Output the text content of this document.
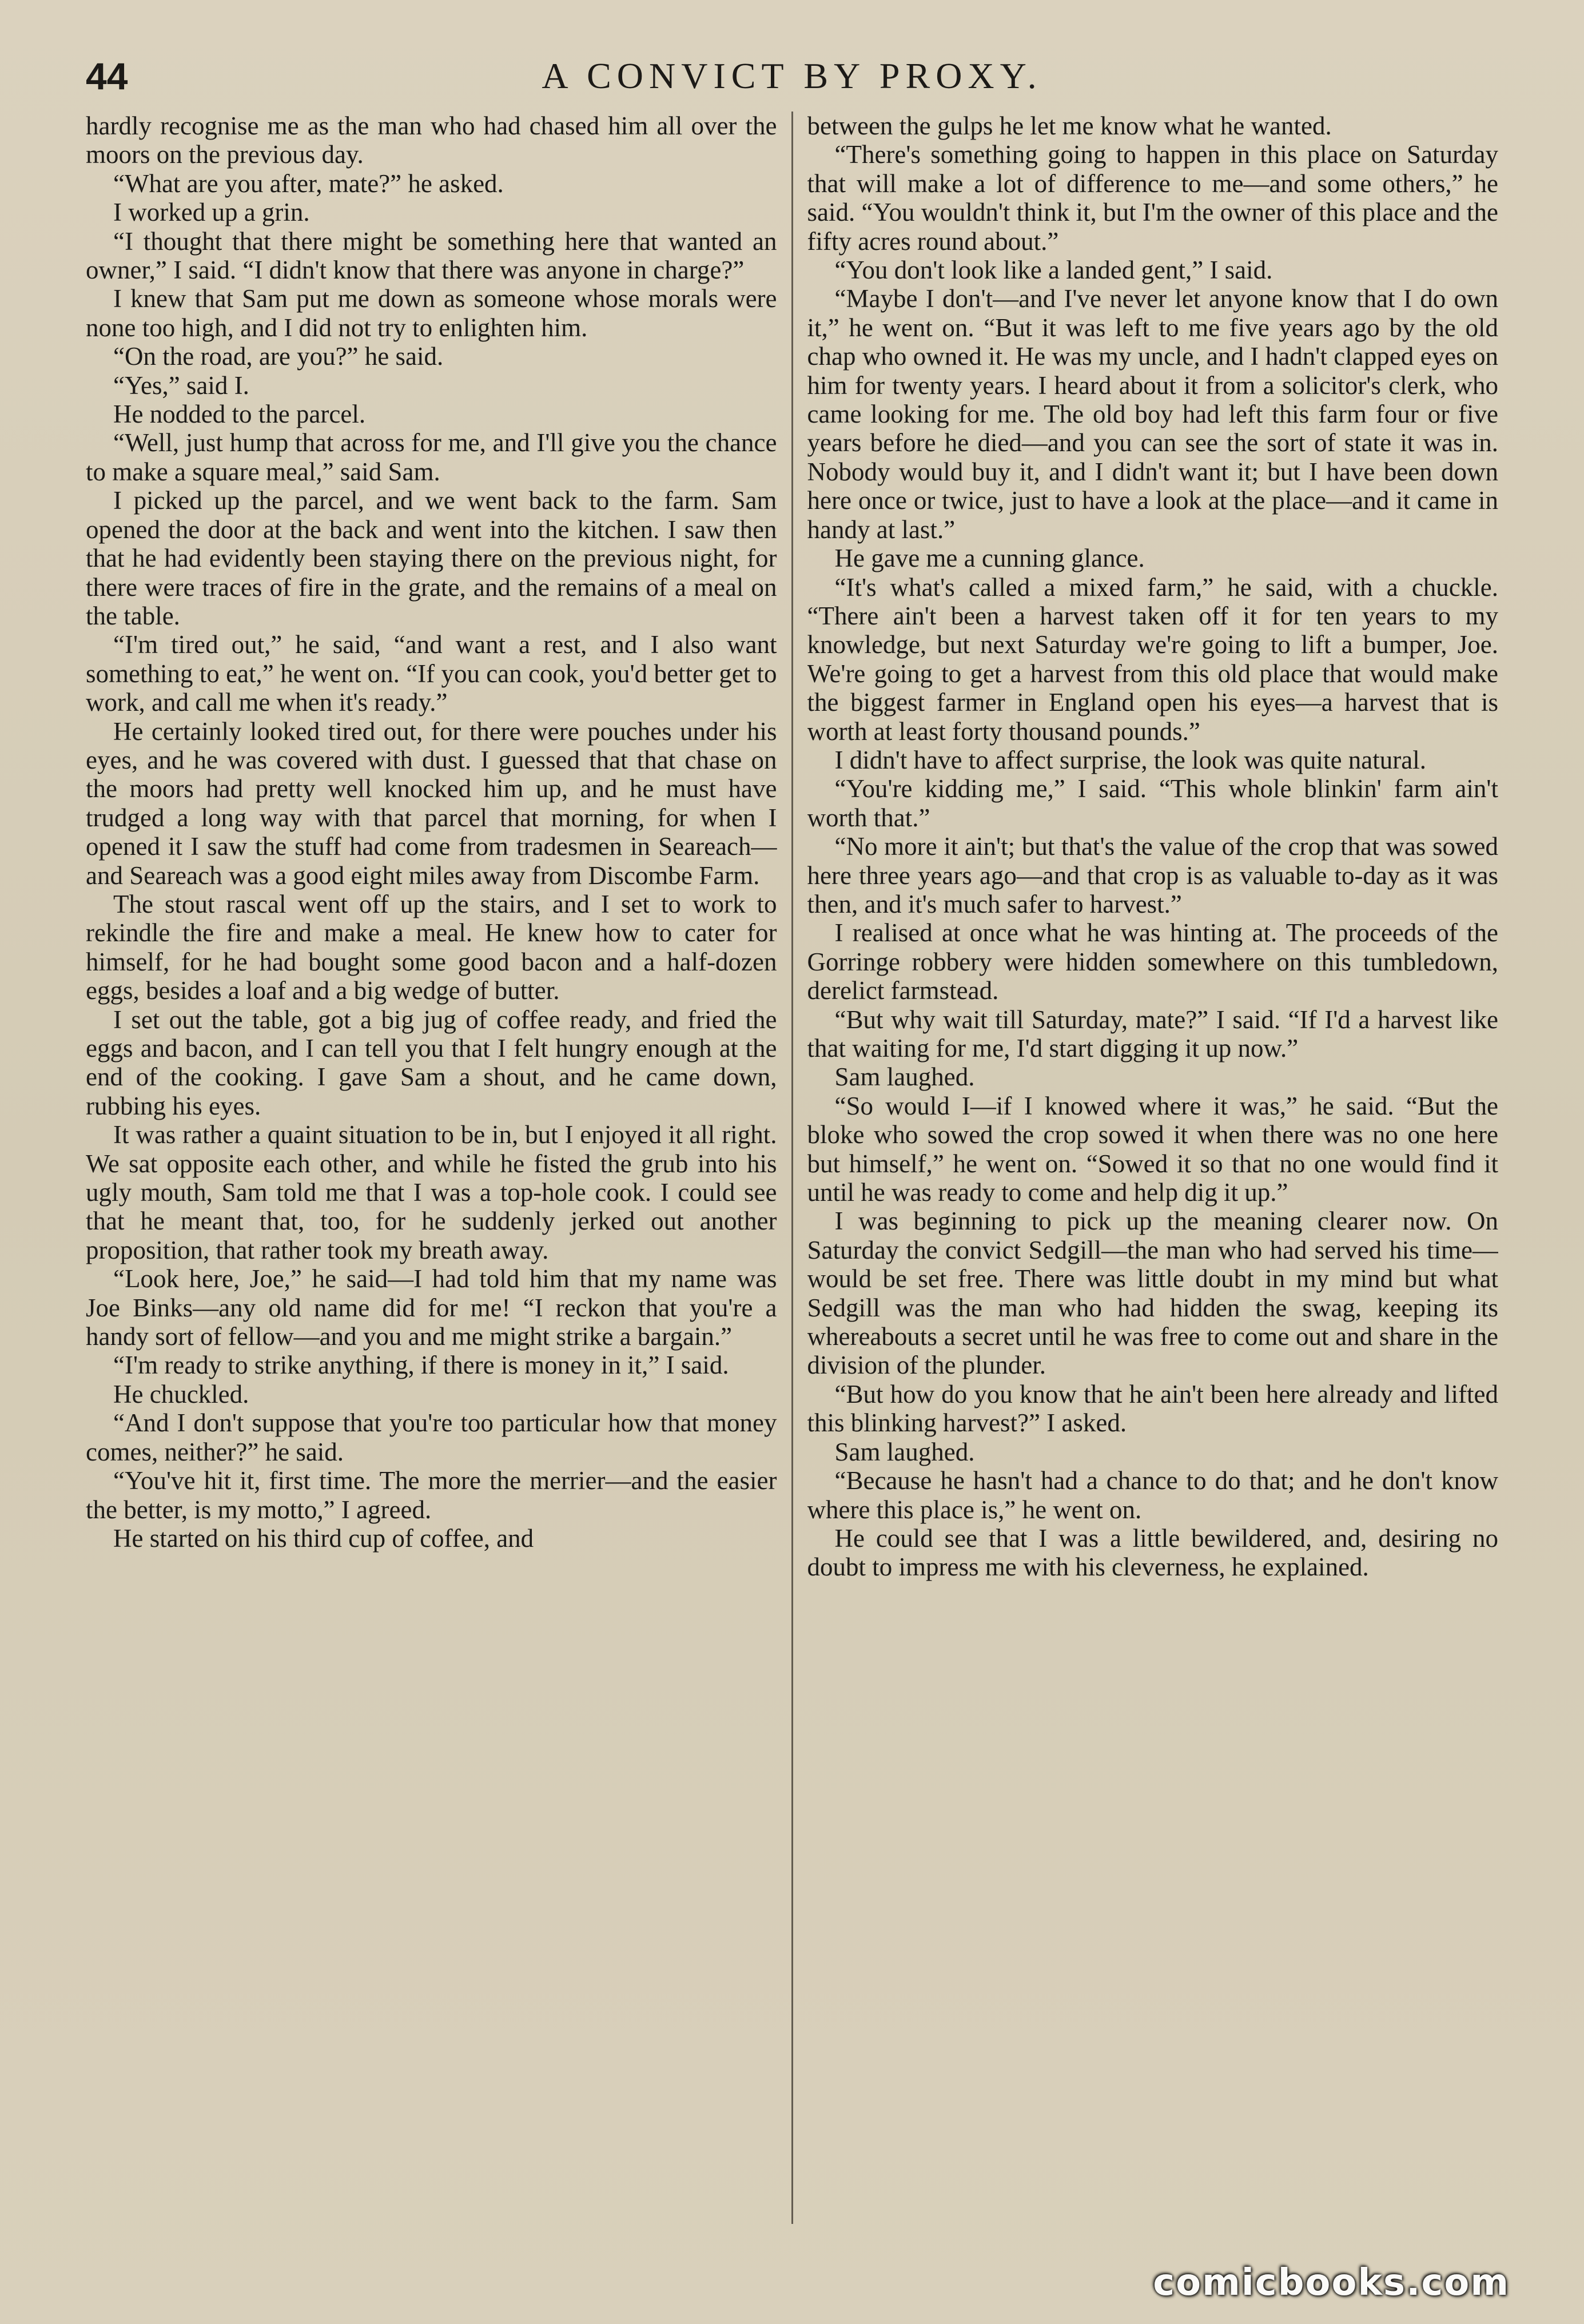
44	A CONVICT BY PROXY.

hardly recognise me as the man who had chased him all over the moors on the previous day.

“What are you after, mate?” he asked.

I worked up a grin.

“I thought that there might be something here that wanted an owner,” I said. “I didn't know that there was anyone in charge?”

I knew that Sam put me down as someone whose morals were none too high, and I did not try to enlighten him.

“On the road, are you?” he said.

“Yes,” said I.

He nodded to the parcel.

“Well, just hump that across for me, and I'll give you the chance to make a square meal,” said Sam.

I picked up the parcel, and we went back to the farm. Sam opened the door at the back and went into the kitchen. I saw then that he had evidently been staying there on the previous night, for there were traces of fire in the grate, and the remains of a meal on the table.

“I'm tired out,” he said, “and want a rest, and I also want something to eat,” he went on. “If you can cook, you'd better get to work, and call me when it's ready.”

He certainly looked tired out, for there were pouches under his eyes, and he was covered with dust. I guessed that that chase on the moors had pretty well knocked him up, and he must have trudged a long way with that parcel that morning, for when I opened it I saw the stuff had come from tradesmen in Seareach—and Seareach was a good eight miles away from Discombe Farm.

The stout rascal went off up the stairs, and I set to work to rekindle the fire and make a meal. He knew how to cater for himself, for he had bought some good bacon and a half-dozen eggs, besides a loaf and a big wedge of butter.

I set out the table, got a big jug of coffee ready, and fried the eggs and bacon, and I can tell you that I felt hungry enough at the end of the cooking. I gave Sam a shout, and he came down, rubbing his eyes.

It was rather a quaint situation to be in, but I enjoyed it all right. We sat opposite each other, and while he fisted the grub into his ugly mouth, Sam told me that I was a top-hole cook. I could see that he meant that, too, for he suddenly jerked out another proposition, that rather took my breath away.

“Look here, Joe,” he said—I had told him that my name was Joe Binks—any old name did for me! “I reckon that you're a handy sort of fellow—and you and me might strike a bargain.”

“I'm ready to strike anything, if there is money in it,” I said.

He chuckled.

“And I don't suppose that you're too particular how that money comes, neither?” he said.

“You've hit it, first time. The more the merrier—and the easier the better, is my motto,” I agreed.

He started on his third cup of coffee, and

between the gulps he let me know what he wanted.

“There's something going to happen in this place on Saturday that will make a lot of difference to me—and some others,” he said. “You wouldn't think it, but I'm the owner of this place and the fifty acres round about.”

“You don't look like a landed gent,” I said.

“Maybe I don't—and I've never let anyone know that I do own it,” he went on. “But it was left to me five years ago by the old chap who owned it. He was my uncle, and I hadn't clapped eyes on him for twenty years. I heard about it from a solicitor's clerk, who came looking for me. The old boy had left this farm four or five years before he died—and you can see the sort of state it was in. Nobody would buy it, and I didn't want it; but I have been down here once or twice, just to have a look at the place—and it came in handy at last.”

He gave me a cunning glance.

“It's what's called a mixed farm,” he said, with a chuckle. “There ain't been a harvest taken off it for ten years to my knowledge, but next Saturday we're going to lift a bumper, Joe. We're going to get a harvest from this old place that would make the biggest farmer in England open his eyes—a harvest that is worth at least forty thousand pounds.”

I didn't have to affect surprise, the look was quite natural.

“You're kidding me,” I said. “This whole blinkin' farm ain't worth that.”

“No more it ain't; but that's the value of the crop that was sowed here three years ago—and that crop is as valuable to-day as it was then, and it's much safer to harvest.”

I realised at once what he was hinting at. The proceeds of the Gorringe robbery were hidden somewhere on this tumbledown, derelict farmstead.

“But why wait till Saturday, mate?” I said. “If I'd a harvest like that waiting for me, I'd start digging it up now.”

Sam laughed.

“So would I—if I knowed where it was,” he said. “But the bloke who sowed the crop sowed it when there was no one here but himself,” he went on. “Sowed it so that no one would find it until he was ready to come and help dig it up.”

I was beginning to pick up the meaning clearer now. On Saturday the convict Sedgill—the man who had served his time—would be set free. There was little doubt in my mind but what Sedgill was the man who had hidden the swag, keeping its whereabouts a secret until he was free to come out and share in the division of the plunder.

“But how do you know that he ain't been here already and lifted this blinking harvest?” I asked.

Sam laughed.

“Because he hasn't had a chance to do that; and he don't know where this place is,” he went on.

He could see that I was a little bewildered, and, desiring no doubt to impress me with his cleverness, he explained.

comicbooks.com
